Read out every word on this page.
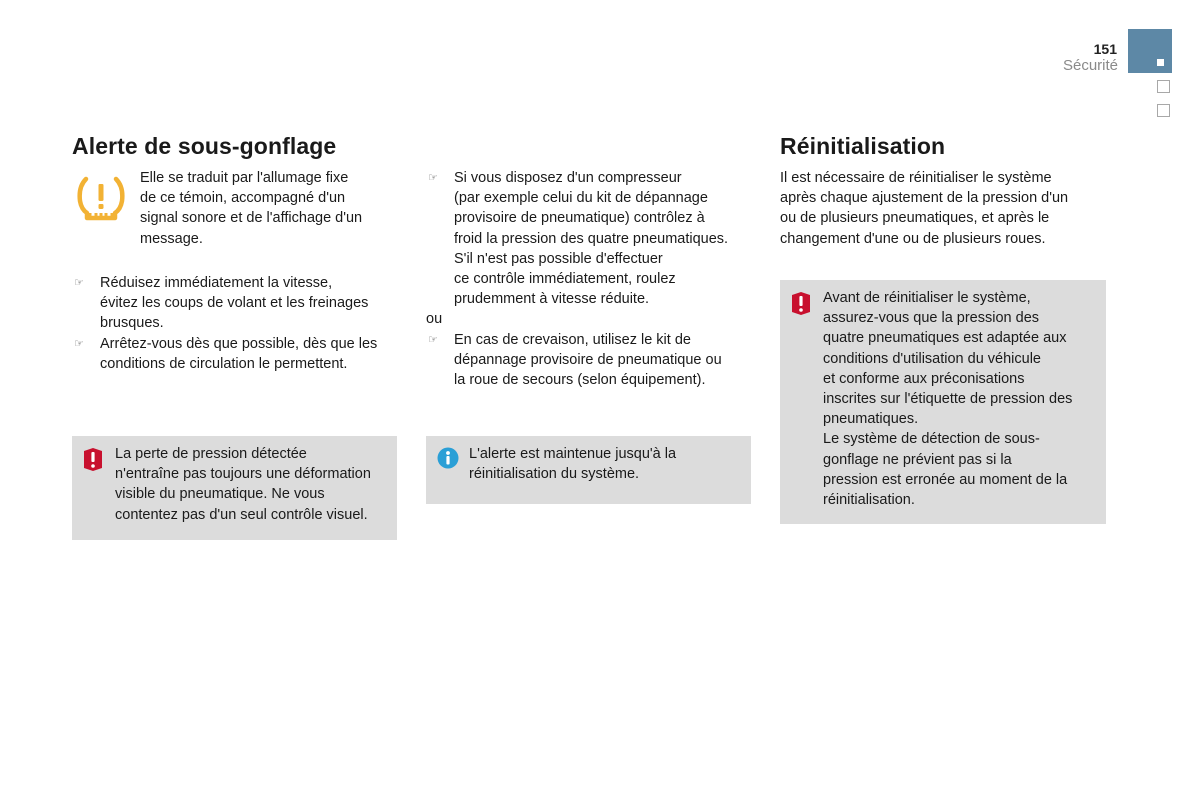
151
Sécurité
Alerte de sous-gonflage
Elle se traduit par l'allumage fixe
de ce témoin, accompagné d'un
signal sonore et de l'affichage d'un
message.
☞ Réduisez immédiatement la vitesse,
évitez les coups de volant et les freinages
brusques.
☞ Arrêtez-vous dès que possible, dès que les
conditions de circulation le permettent.
La perte de pression détectée
n'entraîne pas toujours une déformation
visible du pneumatique. Ne vous
contentez pas d'un seul contrôle visuel.
☞ Si vous disposez d'un compresseur
(par exemple celui du kit de dépannage
provisoire de pneumatique) contrôlez à
froid la pression des quatre pneumatiques.
S'il n'est pas possible d'effectuer
ce contrôle immédiatement, roulez
prudemment à vitesse réduite.
ou
☞ En cas de crevaison, utilisez le kit de
dépannage provisoire de pneumatique ou
la roue de secours (selon équipement).
L'alerte est maintenue jusqu'à la
réinitialisation du système.
Réinitialisation
Il est nécessaire de réinitialiser le système
après chaque ajustement de la pression d'un
ou de plusieurs pneumatiques, et après le
changement d'une ou de plusieurs roues.
Avant de réinitialiser le système,
assurez-vous que la pression des
quatre pneumatiques est adaptée aux
conditions d'utilisation du véhicule
et conforme aux préconisations
inscrites sur l'étiquette de pression des
pneumatiques.
Le système de détection de sous-
gonflage ne prévient pas si la
pression est erronée au moment de la
réinitialisation.
